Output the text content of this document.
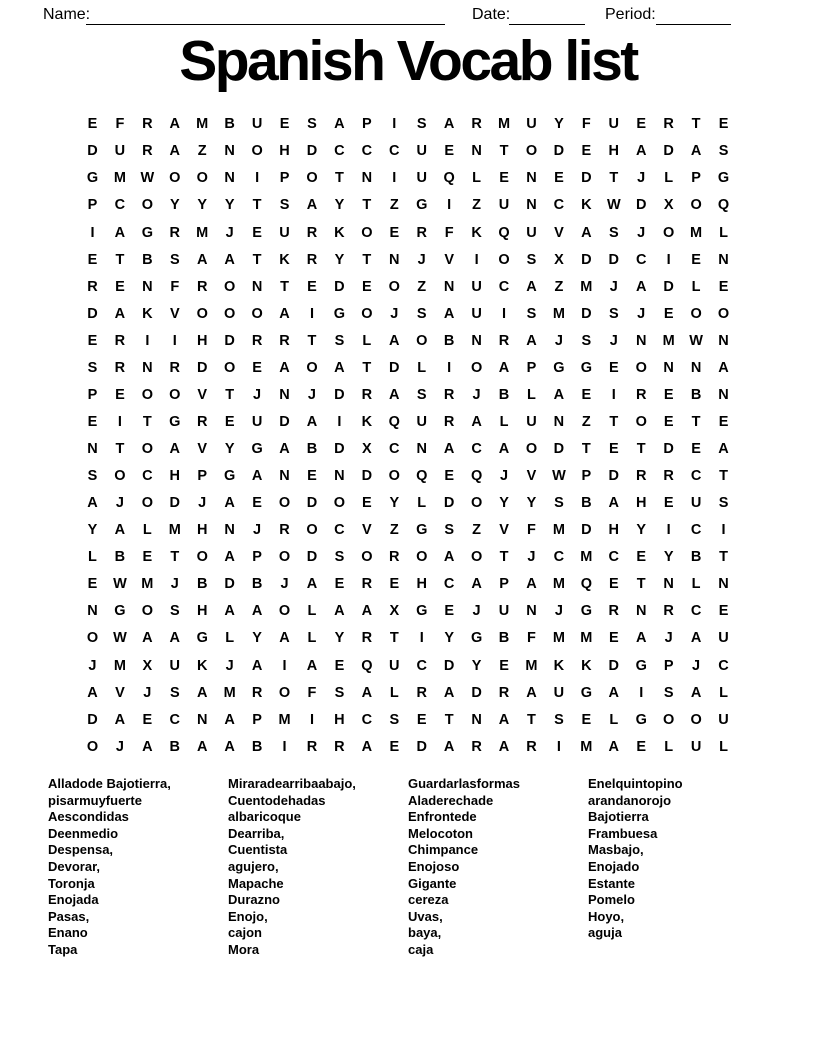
Name:	Date:	Period:
Spanish Vocab list
E	F	R	A	M	B	U	E	S	A	P	I	S	A	R	M	U	Y	F	U	E	R	T	E
D	U	R	A	Z	N	O	H	D	C	C	C	U	E	N	T	O	D	E	H	A	D	A	S
G	M	W	O	O	N	I	P	O	T	N	I	U	Q	L	E	N	E	D	T	J	L	P	G
P	C	O	Y	Y	Y	T	S	A	Y	T	Z	G	I	Z	U	N	C	K	W	D	X	O	Q
I	A	G	R	M	J	E	U	R	K	O	E	R	F	K	Q	U	V	A	S	J	O	M	L
E	T	B	S	A	A	T	K	R	Y	T	N	J	V	I	O	S	X	D	D	C	I	E	N
R	E	N	F	R	O	N	T	E	D	E	O	Z	N	U	C	A	Z	M	J	A	D	L	E
D	A	K	V	O	O	O	A	I	G	O	J	S	A	U	I	S	M	D	S	J	E	O	O
E	R	I	I	H	D	R	R	T	S	L	A	O	B	N	R	A	J	S	J	N	M	W	N
S	R	N	R	D	O	E	A	O	A	T	D	L	I	O	A	P	G	G	E	O	N	N	A
P	E	O	O	V	T	J	N	J	D	R	A	S	R	J	B	L	A	E	I	R	E	B	N
E	I	T	G	R	E	U	D	A	I	K	Q	U	R	A	L	U	N	Z	T	O	E	T	E
N	T	O	A	V	Y	G	A	B	D	X	C	N	A	C	A	O	D	T	E	T	D	E	A
S	O	C	H	P	G	A	N	E	N	D	O	Q	E	Q	J	V	W	P	D	R	R	C	T
A	J	O	D	J	A	E	O	D	O	E	Y	L	D	O	Y	Y	S	B	A	H	E	U	S
Y	A	L	M	H	N	J	R	O	C	V	Z	G	S	Z	V	F	M	D	H	Y	I	C	I
L	B	E	T	O	A	P	O	D	S	O	R	O	A	O	T	J	C	M	C	E	Y	B	T
E	W	M	J	B	D	B	J	A	E	R	E	H	C	A	P	A	M	Q	E	T	N	L	N
N	G	O	S	H	A	A	O	L	A	A	X	G	E	J	U	N	J	G	R	N	R	C	E
O	W	A	A	G	L	Y	A	L	Y	R	T	I	Y	G	B	F	M	M	E	A	J	A	U
J	M	X	U	K	J	A	I	A	E	Q	U	C	D	Y	E	M	K	K	D	G	P	J	C
A	V	J	S	A	M	R	O	F	S	A	L	R	A	D	R	A	U	G	A	I	S	A	L
D	A	E	C	N	A	P	M	I	H	C	S	E	T	N	A	T	S	E	L	G	O	O	U
O	J	A	B	A	A	B	I	R	R	A	E	D	A	R	A	R	I	M	A	E	L	U	L
Alladode Bajotierra,
pisarmuyfuerte
Aescondidas
Deenmedio
Despensa,
Devorar,
Toronja
Enojada
Pasas,
Enano
Tapa
Miraradearribaabajo,
Cuentodehadas
albaricoque
Dearriba,
Cuentista
agujero,
Mapache
Durazno
Enojo,
cajon
Mora
Guardarlasformas
Aladerechade
Enfrontede
Melocoton
Chimpance
Enojoso
Gigante
cereza
Uvas,
baya,
caja
Enelquintopino
arandanorojo
Bajotierra
Frambuesa
Masbajo,
Enojado
Estante
Pomelo
Hoyo,
aguja
